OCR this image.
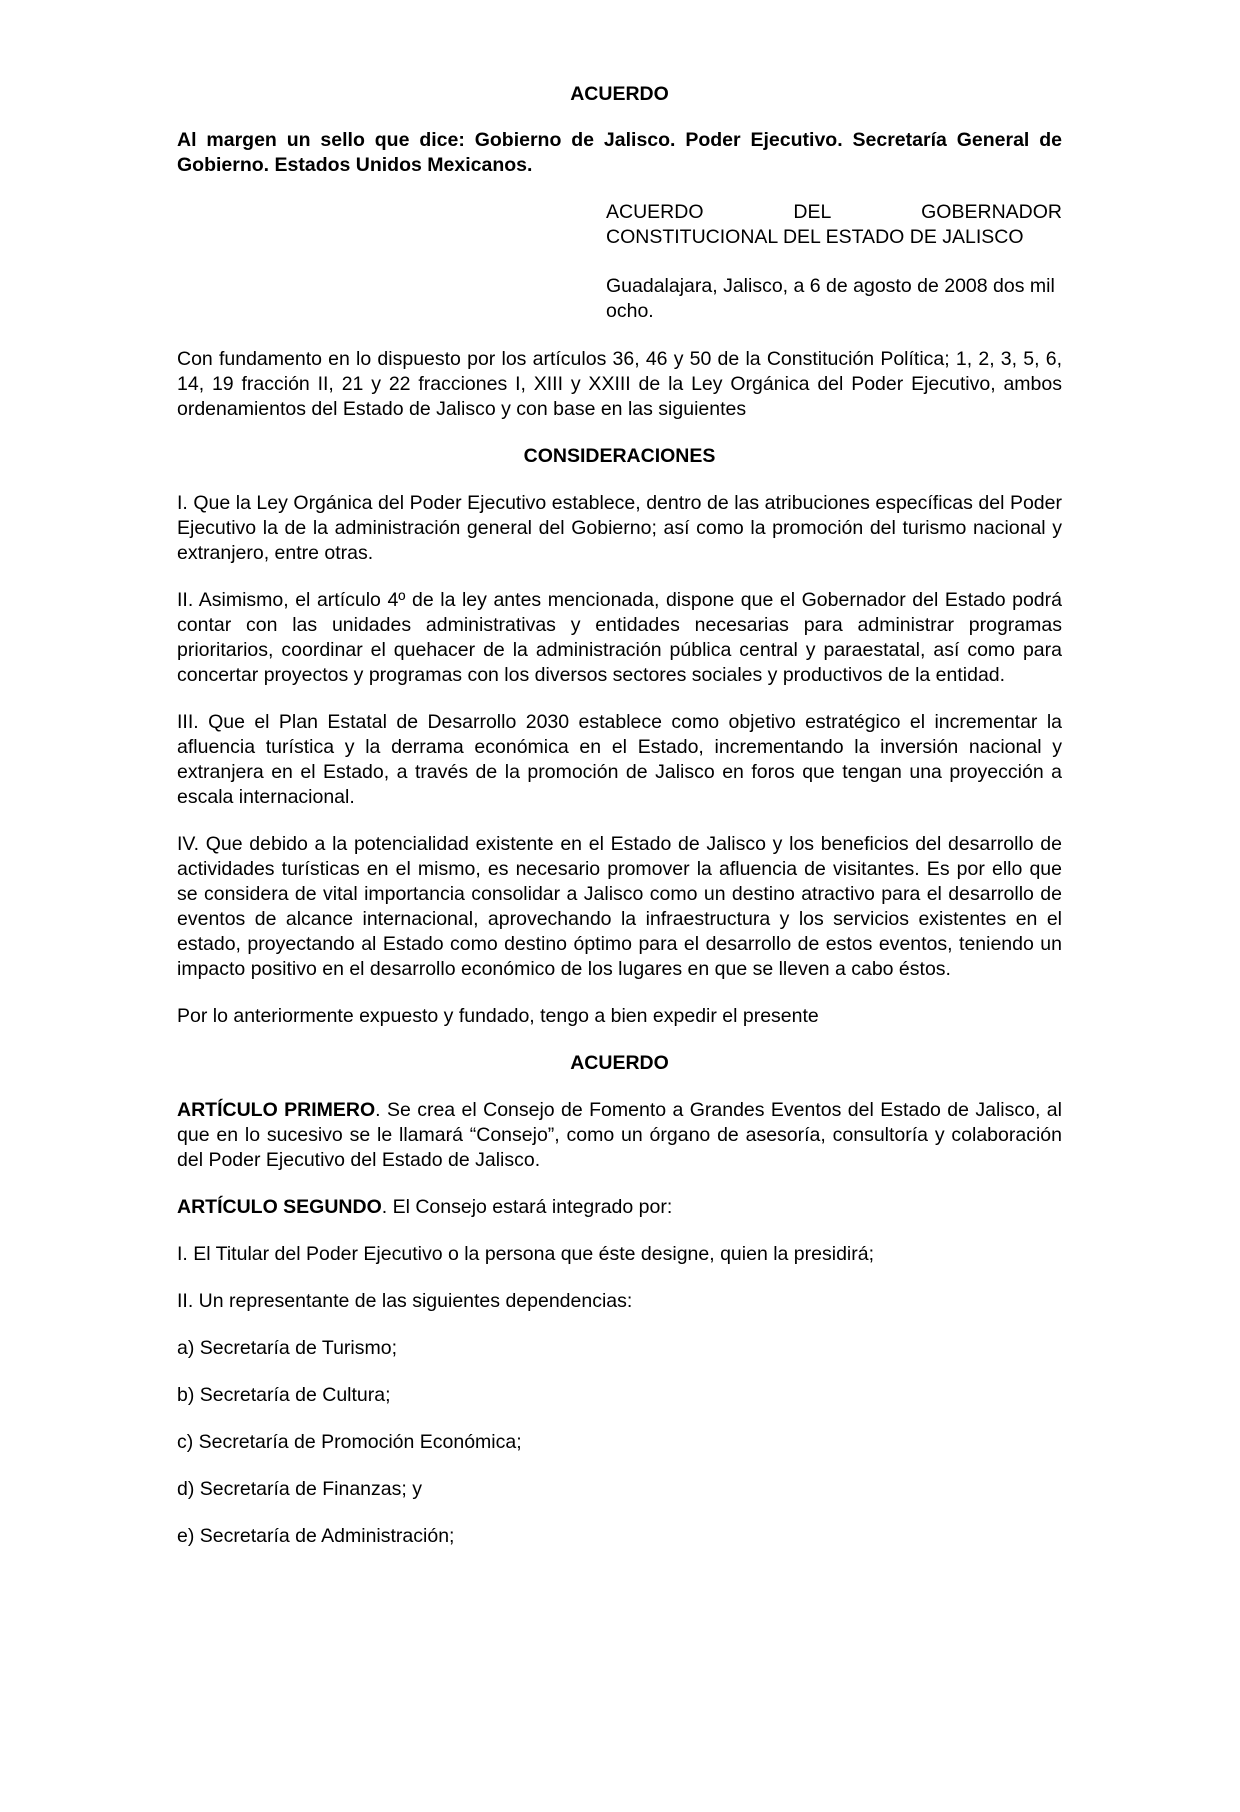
ACUERDO

Al margen un sello que dice: Gobierno de Jalisco. Poder Ejecutivo. Secretaría General de Gobierno. Estados Unidos Mexicanos.

ACUERDO	DEL	GOBERNADOR
CONSTITUCIONAL DEL ESTADO DE JALISCO

Guadalajara, Jalisco, a 6 de agosto de 2008 dos mil ocho.

Con fundamento en lo dispuesto por los artículos 36, 46 y 50 de la Constitución Política; 1, 2, 3, 5, 6, 14, 19 fracción II, 21 y 22 fracciones I, XIII y XXIII de la Ley Orgánica del Poder Ejecutivo, ambos ordenamientos del Estado de Jalisco y con base en las siguientes

CONSIDERACIONES

I. Que la Ley Orgánica del Poder Ejecutivo establece, dentro de las atribuciones específicas del Poder Ejecutivo la de la administración general del Gobierno; así como la promoción del turismo nacional y extranjero, entre otras.

II. Asimismo, el artículo 4º de la ley antes mencionada, dispone que el Gobernador del Estado podrá contar con las unidades administrativas y entidades necesarias para administrar programas prioritarios, coordinar el quehacer de la administración pública central y paraestatal, así como para concertar proyectos y programas con los diversos sectores sociales y productivos de la entidad.

III. Que el Plan Estatal de Desarrollo 2030 establece como objetivo estratégico el incrementar la afluencia turística y la derrama económica en el Estado, incrementando la inversión nacional y extranjera en el Estado, a través de la promoción de Jalisco en foros que tengan una proyección a escala internacional.

IV. Que debido a la potencialidad existente en el Estado de Jalisco y los beneficios del desarrollo de actividades turísticas en el mismo, es necesario promover la afluencia de visitantes. Es por ello que se considera de vital importancia consolidar a Jalisco como un destino atractivo para el desarrollo de eventos de alcance internacional, aprovechando la infraestructura y los servicios existentes en el estado, proyectando al Estado como destino óptimo para el desarrollo de estos eventos, teniendo un impacto positivo en el desarrollo económico de los lugares en que se lleven a cabo éstos.

Por lo anteriormente expuesto y fundado, tengo a bien expedir el presente

ACUERDO

ARTÍCULO PRIMERO. Se crea el Consejo de Fomento a Grandes Eventos del Estado de Jalisco, al que en lo sucesivo se le llamará “Consejo”, como un órgano de asesoría, consultoría y colaboración del Poder Ejecutivo del Estado de Jalisco.

ARTÍCULO SEGUNDO. El Consejo estará integrado por:

I. El Titular del Poder Ejecutivo o la persona que éste designe, quien la presidirá;

II. Un representante de las siguientes dependencias:

a) Secretaría de Turismo;

b) Secretaría de Cultura;

c) Secretaría de Promoción Económica;

d) Secretaría de Finanzas; y

e) Secretaría de Administración;
